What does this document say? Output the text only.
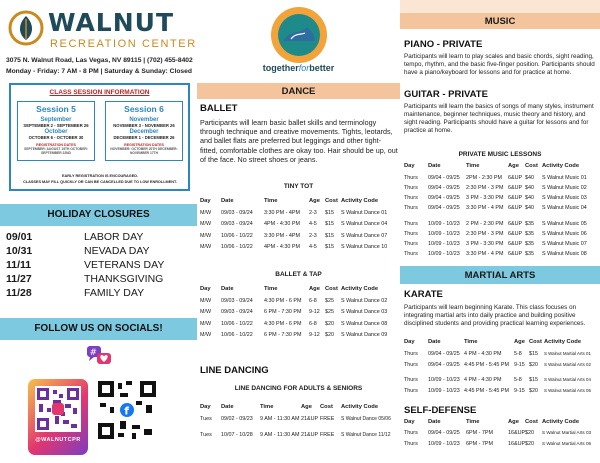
WALNUT
RECREATION CENTER
3075 N. Walnut Road, Las Vegas, NV 89115 | (702) 455-8402
Monday - Friday: 7 AM - 8 PM | Saturday & Sunday: Closed
CLASS SESSION INFORMATION
Session 5
September
SEPTEMBER 2 - SEPTEMBER 26
October
OCTOBER 6 - OCTOBER 30
REGISTRATION DATES
SEPTEMBER: AUGUST 19TH OCTOBER: SEPTEMBER 22ND
Session 6
November
NOVEMBER 3 - NOVEMBER 26
December
DECEMBER 1 - DECEMBER 26
REGISTRATION DATES
NOVEMBER: OCTOBER 20TH DECEMBER: NOVEMBER 17TH
EARLY REGISTRATION IS ENCOURAGED.
CLASSES MAY FILL QUICKLY OR CAN BE CANCELLED DUE TO LOW ENROLLMENT.
HOLIDAY CLOSURES
09/01	LABOR DAY
10/31	NEVADA DAY
11/11	VETERANS DAY
11/27	THANKSGIVING
11/28	FAMILY DAY
FOLLOW US ON SOCIALS!
#
@WALNUTCPR
f
togetherforbetter
DANCE
BALLET
Participants will learn basic ballet skills and terminology through technique and creative movements. Tights, leotards, and ballet flats are preferred but leggings and other tight-fitted, comfortable clothes are okay too. Hair should be up, out of the face. No street shoes or jeans.
TINY TOT
Day Date	Time	Age Cost Activity Code
M/W 09/03 - 09/24 3:30 PM - 4PM 2-3 $15 S Walnut Dance 01
M/W 09/03 - 09/24 4PM - 4:30 PM 4-5 $15 S Walnut Dance 04
M/W 10/06 - 10/22 3:30 PM - 4PM 2-3 $15 S Walnut Dance 07
M/W 10/06 - 10/22 4PM - 4:30 PM 4-5 $15 S Walnut Dance 10
BALLET & TAP
Day Date	Time	Age Cost Activity Code
M/W 09/03 - 09/24 4:30 PM - 6 PM 6-8 $25 S Walnut Dance 02
M/W 09/03 - 09/24 6 PM - 7:30 PM 9-12 $25 S Walnut Dance 03
M/W 10/06 - 10/22 4:30 PM - 6 PM 6-8 $20 S Walnut Dance 08
M/W 10/06 - 10/22 6 PM - 7:30 PM 9-12 $20 S Walnut Dance 09
LINE DANCING
LINE DANCING FOR ADULTS & SENIORS
Day Date	Time	Age Cost Activity Code
Tues 09/02 - 09/23 9 AM - 11:30 AM 21&UP FREE S Walnut Dance 05/06
Tues 10/07 - 10/28 9 AM - 11:30 AM 21&UP FREE S Walnut Dance 11/12
MUSIC
PIANO - PRIVATE
Participants will learn to play scales and basic chords, sight reading, tempo, rhythm, and the basic five-finger position. Participants should have a piano/keyboard for lessons and for practice at home.
GUITAR - PRIVATE
Participants will learn the basics of songs of many styles, instrument maintenance, beginner techniques, music theory and history, and sight reading. Participants should have a guitar for lessons and for practice at home.
PRIVATE MUSIC LESSONS
Day Date	Time	Age Cost Activity Code
Thurs 09/04 - 09/25 2PM - 2:30 PM 6&UP $40 S Walnut Music 01
Thurs 09/04 - 09/25 2:30 PM - 3 PM 6&UP $40 S Walnut Music 02
Thurs 09/04 - 09/25 3 PM - 3:30 PM 6&UP $40 S Walnut Music 03
Thurs 09/04 - 09/25 3:30 PM - 4 PM 6&UP $40 S Walnut Music 04
Thurs 10/09 - 10/23 2 PM - 2:30 PM 6&UP $35 S Walnut Music 05
Thurs 10/09 - 10/23 2:30 PM - 3 PM 6&UP $35 S Walnut Music 06
Thurs 10/09 - 10/23 3 PM - 3:30 PM 6&UP $35 S Walnut Music 07
Thurs 10/09 - 10/23 3:30 PM - 4 PM 6&UP $35 S Walnut Music 08
MARTIAL ARTS
KARATE
Participants will learn beginning Karate. This class focuses on integrating martial arts into daily practice and building positive disciplined students and providing practical learning experiences.
Day Date	Time	Age Cost Activity Code
Thurs 09/04 - 09/25 4 PM - 4:30 PM 5-8 $15 S Walnut Martial Arts 01
Thurs 09/04 - 09/25 4:45 PM - 5:45 PM 9-15 $20 S Walnut Martial Arts 02
Thurs 10/09 - 10/23 4 PM - 4:30 PM 5-8 $15 S Walnut Martial Arts 04
Thurs 10/09 - 10/23 4:45 PM - 5:45 PM 9-15 $20 S Walnut Martial Arts 05
SELF-DEFENSE
Day Date	Time	Age Cost Activity Code
Thurs 09/04 - 09/25 6PM - 7PM	16&UP $20 S Walnut Martial Arts 03
Thurs 10/09 - 10/23 6PM - 7PM	16&UP $20 S Walnut Martial Arts 06
